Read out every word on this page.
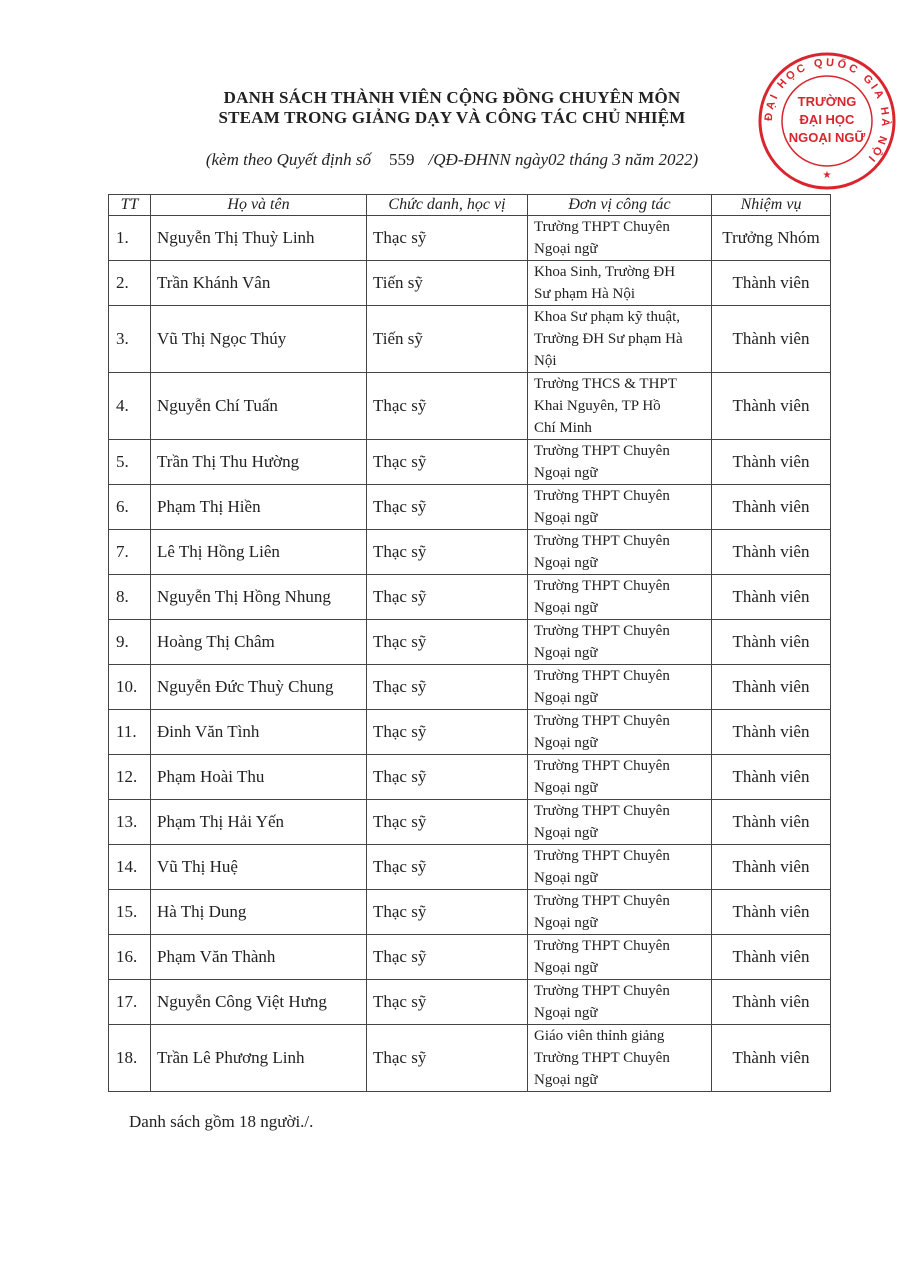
DANH SÁCH THÀNH VIÊN CỘNG ĐỒNG CHUYÊN MÔN
STEAM TRONG GIẢNG DẠY VÀ CÔNG TÁC CHỦ NHIỆM
(kèm theo Quyết định số 559 /QĐ-ĐHNN ngày02 tháng 3 năm 2022)
ĐẠI HỌC QUỐC GIA HÀ NỘI
TRƯỜNG
ĐẠI HỌC
NGOẠI NGỮ
★
TT	Họ và tên	Chức danh, học vị	Đơn vị công tác	Nhiệm vụ
1.	Nguyễn Thị Thuỳ Linh	Thạc sỹ	Trường THPT Chuyên
Ngoại ngữ	Trưởng Nhóm
2.	Trần Khánh Vân	Tiến sỹ	Khoa Sinh, Trường ĐH
Sư phạm Hà Nội	Thành viên
3.	Vũ Thị Ngọc Thúy	Tiến sỹ	Khoa Sư phạm kỹ thuật,
Trường ĐH Sư phạm Hà
Nội	Thành viên
4.	Nguyễn Chí Tuấn	Thạc sỹ	Trường THCS & THPT
Khai Nguyên, TP Hồ
Chí Minh	Thành viên
5.	Trần Thị Thu Hường	Thạc sỹ	Trường THPT Chuyên
Ngoại ngữ	Thành viên
6.	Phạm Thị Hiền	Thạc sỹ	Trường THPT Chuyên
Ngoại ngữ	Thành viên
7.	Lê Thị Hồng Liên	Thạc sỹ	Trường THPT Chuyên
Ngoại ngữ	Thành viên
8.	Nguyễn Thị Hồng Nhung	Thạc sỹ	Trường THPT Chuyên
Ngoại ngữ	Thành viên
9.	Hoàng Thị Châm	Thạc sỹ	Trường THPT Chuyên
Ngoại ngữ	Thành viên
10.	Nguyễn Đức Thuỳ Chung	Thạc sỹ	Trường THPT Chuyên
Ngoại ngữ	Thành viên
11.	Đinh Văn Tình	Thạc sỹ	Trường THPT Chuyên
Ngoại ngữ	Thành viên
12.	Phạm Hoài Thu	Thạc sỹ	Trường THPT Chuyên
Ngoại ngữ	Thành viên
13.	Phạm Thị Hải Yến	Thạc sỹ	Trường THPT Chuyên
Ngoại ngữ	Thành viên
14.	Vũ Thị Huệ	Thạc sỹ	Trường THPT Chuyên
Ngoại ngữ	Thành viên
15.	Hà Thị Dung	Thạc sỹ	Trường THPT Chuyên
Ngoại ngữ	Thành viên
16.	Phạm Văn Thành	Thạc sỹ	Trường THPT Chuyên
Ngoại ngữ	Thành viên
17.	Nguyễn Công Việt Hưng	Thạc sỹ	Trường THPT Chuyên
Ngoại ngữ	Thành viên
18.	Trần Lê Phương Linh	Thạc sỹ	Giáo viên thỉnh giảng
Trường THPT Chuyên
Ngoại ngữ	Thành viên
Danh sách gồm 18 người./.
